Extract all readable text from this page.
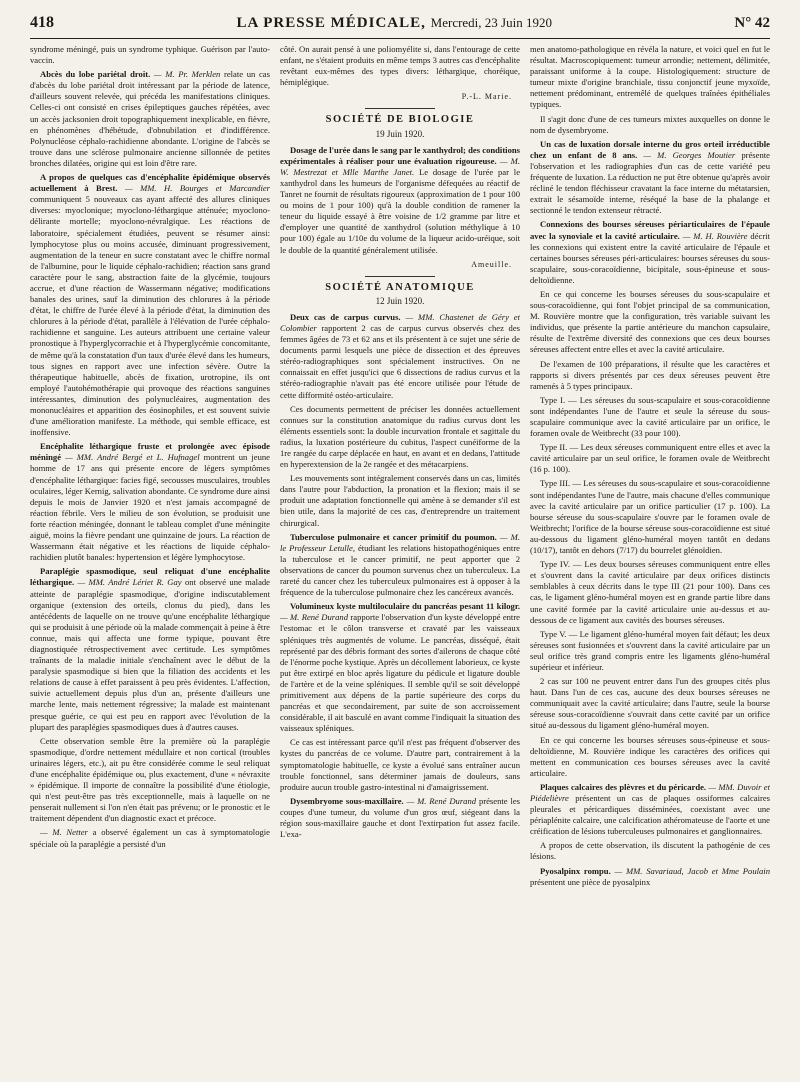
418	LA PRESSE MÉDICALE, Mercredi, 23 Juin 1920	N° 42

syndrome méningé, puis un syndrome typhique. Guérison par l'auto-vaccin.

Abcès du lobe pariétal droit. — M. Pr. Merklen relate un cas d'abcès du lobe pariétal droit intéressant par la période de latence, d'ailleurs souvent relevée, qui précéda les manifestations cliniques. Celles-ci ont consisté en crises épileptiques gauches répétées, avec un accès jacksonien droit topographiquement inexplicable, en fièvre, en phénomènes d'hébétude, d'obnubilation et d'indifférence. Polynucléose céphalo-rachidienne abondante. L'origine de l'abcès se trouve dans une sclérose pulmonaire ancienne sillonnée de petites bronches dilatées, origine qui est loin d'être rare.

A propos de quelques cas d'encéphalite épidémique observés actuellement à Brest. — MM. H. Bourges et Marcandier communiquent 5 nouveaux cas ayant affecté des allures cliniques diverses: myoclonique; myoclono-léthargique atténuée; myoclono-délirante mortelle; myoclono-névralgique. Les réactions de laboratoire, spécialement étudiées, peuvent se résumer ainsi: lymphocytose plus ou moins accusée, diminuant progressivement, augmentation de la teneur en sucre constatant avec le chiffre normal de l'albumine, pour le liquide céphalo-rachidien; réaction sans grand caractère pour le sang, abstraction faite de la glycémie, toujours accrue, et d'une réaction de Wassermann négative; modifications banales des urines, sauf la diminution des chlorures à la période d'état, le chiffre de l'urée élevé à la période d'état, la diminution des chlorures à la période d'état, parallèle à l'élévation de l'urée céphalo-rachidienne et sanguine. Les auteurs attribuent une certaine valeur pronostique à l'hyperglycorrachie et à l'hyperglycémie concomitante, de même qu'à la constatation d'un taux d'urée élevé dans les humeurs, tous signes en rapport avec une infection sévère. Outre la thérapeutique habituelle, abcès de fixation, urotropine, ils ont employé l'autohémothérapie qui provoque des réactions sanguines intéressantes, diminution des polynucléaires, augmentation des mononucléaires et apparition des éosinophiles, et est souvent suivie d'une amélioration manifeste. La méthode, qui semble efficace, est inoffensive.

Encéphalite léthargique fruste et prolongée avec épisode méningé — MM. André Bergé et L. Hufnagel montrent un jeune homme de 17 ans qui présente encore de légers symptômes d'encéphalite léthargique: facies figé, secousses musculaires, troubles oculaires, léger Kernig, salivation abondante. Ce syndrome dure ainsi depuis le mois de Janvier 1920 et n'est jamais accompagné de réaction fébrile. Vers le milieu de son évolution, se produisit une forte réaction méningée, donnant le tableau complet d'une méningite aiguë, moins la fièvre pendant une quinzaine de jours. La réaction de Wassermann était négative et les réactions de liquide céphalo-rachidien plutôt banales: hypertension et légère lymphocytose.

Paraplégie spasmodique, seul reliquat d'une encéphalite léthargique. — MM. André Lériet R. Gay ont observé une malade atteinte de paraplégie spasmodique, d'origine indiscutablement organique (extension des orteils, clonus du pied), dans les antécédents de laquelle on ne trouve qu'une encéphalite léthargique qui se produisit à une période où la malade commençait à peine à être connue, mais qui affecta une forme typique, pouvant être diagnostiquée rétrospectivement avec certitude. Les symptômes traînants de la maladie initiale s'enchaînent avec le début de la paralysie spasmodique si bien que la filiation des accidents et les relations de cause à effet paraissent à peu près évidentes. L'affection, suivie actuellement depuis plus d'un an, présente d'ailleurs une marche lente, mais nettement régressive; la malade est maintenant presque guérie, ce qui est peu en rapport avec l'évolution de la plupart des paraplégies spasmodiques dues à d'autres causes.

Cette observation semble être la première où la paraplégie spasmodique, d'ordre nettement médullaire et non cortical (troubles urinaires légers, etc.), ait pu être considérée comme le seul reliquat d'une encéphalite épidémique ou, plus exactement, d'une « névraxite » épidémique. Il importe de connaître la possibilité d'une étiologie, qui n'est peut-être pas très exceptionnelle, mais à laquelle on ne penserait nullement si l'on n'en était pas prévenu; or le pronostic et le traitement dépendent d'un diagnostic exact et précoce.

— M. Netter a observé également un cas à symptomatologie spéciale où la paraplégie a persisté d'un

côté. On aurait pensé à une poliomyélite si, dans l'entourage de cette enfant, ne s'étaient produits en même temps 3 autres cas d'encéphalite revêtant eux-mêmes des types divers: léthargique, choréique, hémiplégique.

P.-L. Marie.
SOCIÉTÉ DE BIOLOGIE
19 Juin 1920.

Dosage de l'urée dans le sang par le xanthydrol; des conditions expérimentales à réaliser pour une évaluation rigoureuse. — M. W. Mestrezat et Mlle Marthe Janet. Le dosage de l'urée par le xanthydrol dans les humeurs de l'organisme défequées au réactif de Tanret ne fournit de résultats rigoureux (approximation de 1 pour 100 ou moins de 1 pour 100) qu'à la double condition de ramener la teneur du liquide essayé à être voisine de 1/2 gramme par litre et d'employer une quantité de xanthydrol (solution méthylique à 10 pour 100) égale au 1/10e du volume de la liqueur acido-uréique, soit le double de la quantité généralement utilisée.

Ameuille.
SOCIÉTÉ ANATOMIQUE
12 Juin 1920.

Deux cas de carpus curvus. — MM. Chastenet de Géry et Colombier rapportent 2 cas de carpus curvus observés chez des femmes âgées de 73 et 62 ans et ils présentent à ce sujet une série de documents parmi lesquels une pièce de dissection et des épreuves stéréo-radiographiques sont spécialement instructives. On ne connaissait en effet jusqu'ici que 6 dissections de radius curvus et la stéréo-radiographie n'avait pas été encore utilisée pour l'étude de cette difformité ostéo-articulaire.

Ces documents permettent de préciser les données actuellement connues sur la constitution anatomique du radius curvus dont les éléments essentiels sont: la double incurvation frontale et sagittale du radius, la luxation postérieure du cubitus, l'aspect cunéiforme de la 1re rangée du carpe déplacée en haut, en avant et en dedans, l'attitude en hyperextension de la 2e rangée et des métacarpiens.

Les mouvements sont intégralement conservés dans un cas, limités dans l'autre pour l'abduction, la pronation et la flexion; mais il se produit une adaptation fonctionnelle qui amène à se demander s'il est bien utile, dans la majorité de ces cas, d'entreprendre un traitement chirurgical.

Tuberculose pulmonaire et cancer primitif du poumon. — M. le Professeur Letulle, étudiant les relations histopathogéniques entre la tuberculose et le cancer primitif, ne peut apporter que 2 observations de cancer du poumon survenus chez un tuberculeux. La rareté du cancer chez les tuberculeux pulmonaires est à opposer à la fréquence de la tuberculose pulmonaire chez les cancéreux avancés.

Volumineux kyste multiloculaire du pancréas pesant 11 kilogr. — M. René Durand rapporte l'observation d'un kyste développé entre l'estomac et le côlon transverse et cravaté par les vaisseaux spléniques très augmentés de volume. Le pancréas, disséqué, était représenté par des débris formant des sortes d'ailerons de chaque côté de l'énorme poche kystique. Après un décollement laborieux, ce kyste put être extirpé en bloc après ligature du pédicule et ligature double de l'artère et de la veine spléniques. Il semble qu'il se soit développé primitivement aux dépens de la partie supérieure des corps du pancréas et que secondairement, par suite de son accroissement considérable, il ait basculé en avant comme l'indiquait la situation des vaisseaux spléniques.

Ce cas est intéressant parce qu'il n'est pas fréquent d'observer des kystes du pancréas de ce volume. D'autre part, contrairement à la symptomatologie habituelle, ce kyste a évolué sans entraîner aucun trouble fonctionnel, sans déterminer jamais de douleurs, sans produire aucun trouble gastro-intestinal ni d'amaigrissement.

Dysembryome sous-maxillaire. — M. René Durand présente les coupes d'une tumeur, du volume d'un gros œuf, siégeant dans la région sous-maxillaire gauche et dont l'extirpation fut assez facile. L'exa-

men anatomo-pathologique en révéla la nature, et voici quel en fut le résultat. Macroscopiquement: tumeur arrondie; nettement, délimitée, paraissant uniforme à la coupe. Histologiquement: structure de tumeur mixte d'origine branchiale, tissu conjonctif jeune myxoïde, nettement prédominant, entremêlé de quelques traînées épithéliales typiques.

Il s'agit donc d'une de ces tumeurs mixtes auxquelles on donne le nom de dysembryome.

Un cas de luxation dorsale interne du gros orteil irréductible chez un enfant de 8 ans. — M. Georges Moutier présente l'observation et les radiographies d'un cas de cette variété peu fréquente de luxation. La réduction ne put être obtenue qu'après avoir récliné le tendon fléchisseur cravatant la face interne du métatarsien, extrait le sésamoïde interne, réséqué la base de la phalange et sectionné le tendon extenseur rétracté.

Connexions des bourses séreuses périarticulaires de l'épaule avec la synoviale et la cavité articulaire. — M. H. Rouvière décrit les connexions qui existent entre la cavité articulaire de l'épaule et certaines bourses séreuses péri-articulaires: bourses séreuses du sous-scapulaire, sous-coracoïdienne, bicipitale, sous-épineuse et sous-deltoïdienne.

En ce qui concerne les bourses séreuses du sous-scapulaire et sous-coracoïdienne, qui font l'objet principal de sa communication, M. Rouvière montre que la configuration, très variable suivant les individus, que présente la partie antérieure du manchon capsulaire, résulte de l'extrême diversité des connexions que ces deux bourses séreuses affectent entre elles et avec la cavité articulaire.

De l'examen de 100 préparations, il résulte que les caractères et rapports si divers présentés par ces deux séreuses peuvent être ramenés à 5 types principaux.

Type I. — Les séreuses du sous-scapulaire et sous-coracoïdienne sont indépendantes l'une de l'autre et seule la séreuse du sous-scapulaire communique avec la cavité articulaire par un orifice, le foramen ovale de Weitbrecht (33 pour 100).

Type II. — Les deux séreuses communiquent entre elles et avec la cavité articulaire par un seul orifice, le foramen ovale de Weitbrecht (16 p. 100).

Type III. — Les séreuses du sous-scapulaire et sous-coracoïdienne sont indépendantes l'une de l'autre, mais chacune d'elles communique avec la cavité articulaire par un orifice particulier (17 p. 100). La bourse séreuse du sous-scapulaire s'ouvre par le foramen ovale de Weitbrecht; l'orifice de la bourse séreuse sous-coracoïdienne est situé au-dessous du ligament gléno-huméral moyen tantôt en dedans (10/17), tantôt en dehors (7/17) du bourrelet glénoïdien.

Type IV. — Les deux bourses séreuses communiquent entre elles et s'ouvrent dans la cavité articulaire par deux orifices distincts semblables à ceux décrits dans le type III (21 pour 100). Dans ces cas, le ligament gléno-huméral moyen est en grande partie libre dans une cavité formée par la cavité articulaire unie au-dessus et au-dessous de ce ligament aux cavités des bourses séreuses.

Type V. — Le ligament gléno-huméral moyen fait défaut; les deux séreuses sont fusionnées et s'ouvrent dans la cavité articulaire par un seul orifice très grand compris entre les ligaments gléno-huméral supérieur et inférieur.

2 cas sur 100 ne peuvent entrer dans l'un des groupes cités plus haut. Dans l'un de ces cas, aucune des deux bourses séreuses ne communiquait avec la cavité articulaire; dans l'autre, seule la bourse séreuse sous-coracoïdienne s'ouvrait dans cette cavité par un orifice situé au-dessous du ligament gléno-huméral moyen.

En ce qui concerne les bourses séreuses sous-épineuse et sous-deltoïdienne, M. Rouvière indique les caractères des orifices qui mettent en communication ces bourses séreuses avec la cavité articulaire.

Plaques calcaires des plèvres et du péricarde. — MM. Duvoir et Piédelièvre présentent un cas de plaques ossiformes calcaires pleurales et péricardiques disséminées, coexistant avec une périaplénite calcaire, une calcification athéromateuse de l'aorte et une créification de lésions tuberculeuses pulmonaires et ganglionnaires.

A propos de cette observation, ils discutent la pathogénie de ces lésions.

Pyosalpinx rompu. — MM. Savariaud, Jacob et Mme Poulain présentent une pièce de pyosalpinx
